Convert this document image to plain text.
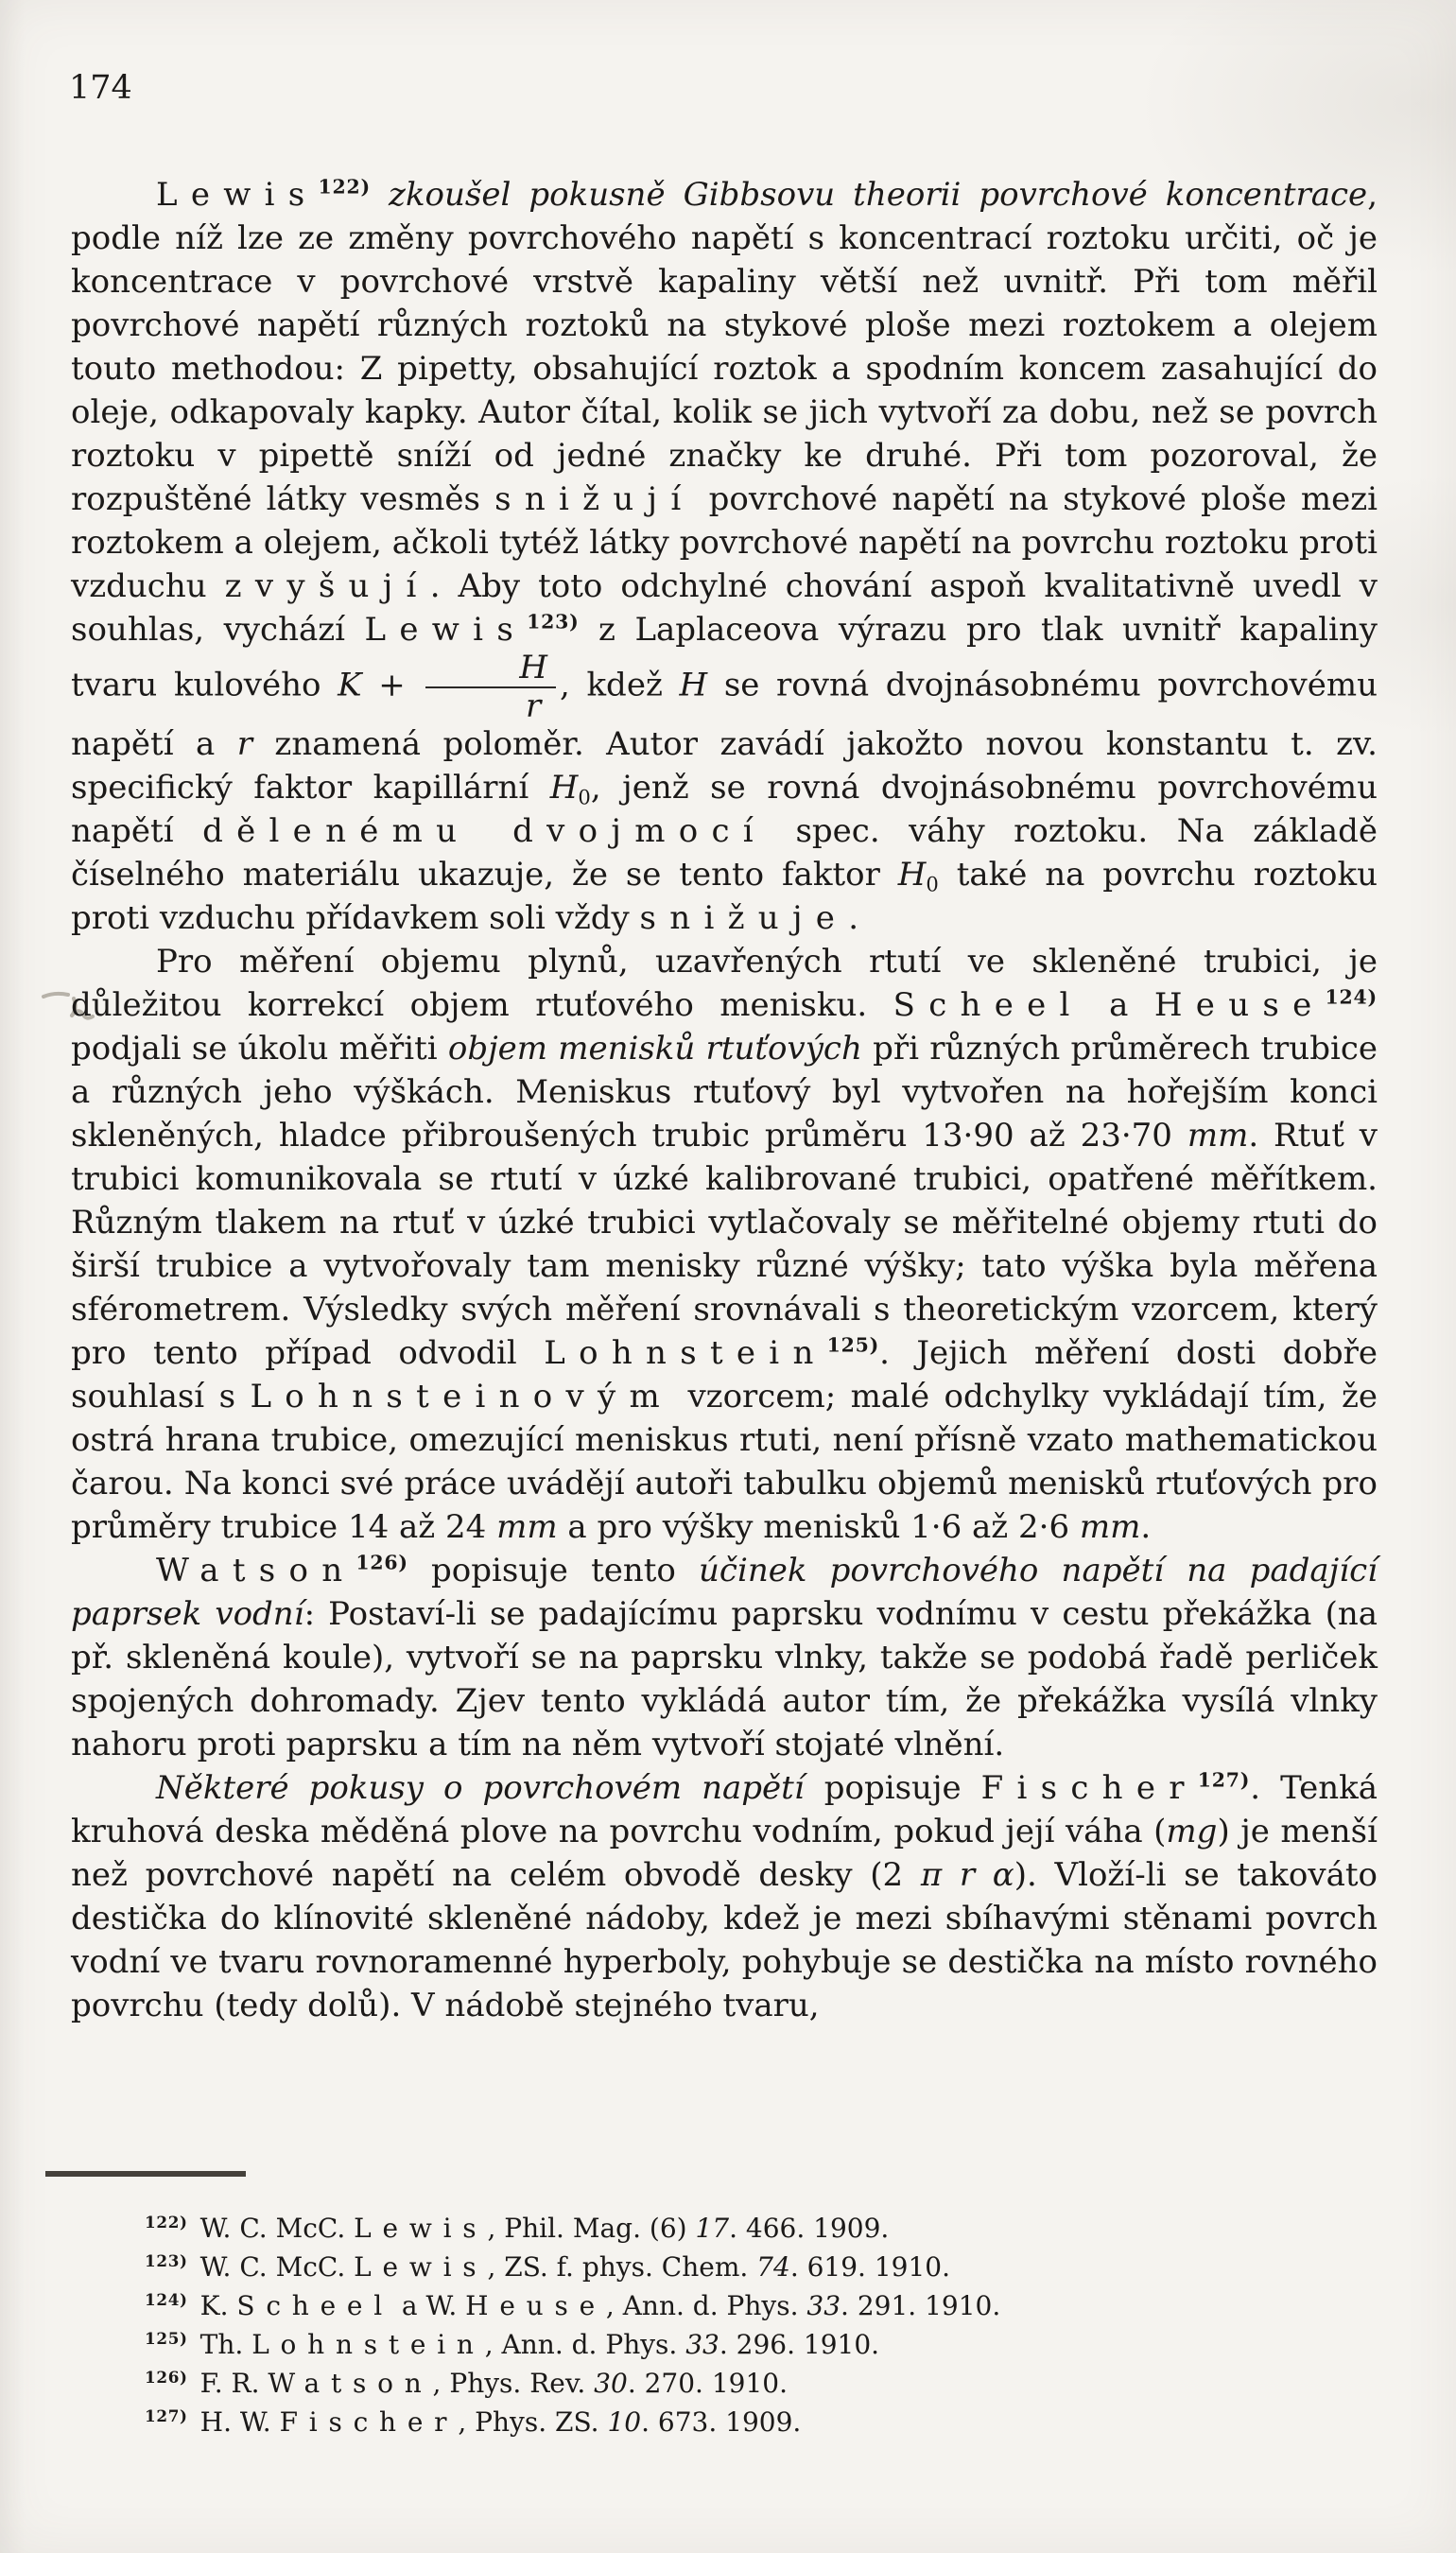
174

Lewis$^{122)}$ zkoušel pokusně Gibbsovu theorii povrchové koncentrace, podle níž lze ze změny povrchového napětí s koncentrací roztoku určiti, oč je koncentrace v povrchové vrstvě kapaliny větší než uvnitř. Při tom měřil povrchové napětí různých roztoků na stykové ploše mezi roztokem a olejem touto methodou: Z pipetty, obsahující roztok a spodním koncem zasahující do oleje, odkapovaly kapky. Autor čítal, kolik se jich vytvoří za dobu, než se povrch roztoku v pipettě sníží od jedné značky ke druhé. Při tom pozoroval, že rozpuštěné látky vesměs snižují povrchové napětí na stykové ploše mezi roztokem a olejem, ačkoli tytéž látky povrchové napětí na povrchu roztoku proti vzduchu zvyšují. Aby toto odchylné chování aspoň kvalitativně uvedl v souhlas, vychází Lewis$^{123)}$ z Laplaceova výrazu pro tlak uvnitř kapaliny tvaru kulového $K + \frac{H}{r}$ , kdež H se rovná dvojnásobnému povrchovému napětí a r znamená poloměr. Autor zavádí jakožto novou konstantu t. zv. specifický faktor kapillární $H_0$, jenž se rovná dvojnásobnému povrchovému napětí dělenému dvojmocí spec. váhy roztoku. Na základě číselného materiálu ukazuje, že se tento faktor $H_0$ také na povrchu roztoku proti vzduchu přídavkem soli vždy snižuje.

Pro měření objemu plynů, uzavřených rtutí ve skleněné trubici, je důležitou korrekcí objem rtuťového menisku. Scheel a Heuse$^{124)}$ podjali se úkolu měřiti objem menisků rtuťových při různých průměrech trubice a různých jeho výškách. Meniskus rtuťový byl vytvořen na hořejším konci skleněných, hladce přibroušených trubic průměru 13·90 až 23·70 mm. Rtuť v trubici komunikovala se rtutí v úzké kalibrované trubici, opatřené měřítkem. Různým tlakem na rtuť v úzké trubici vytlačovaly se měřitelné objemy rtuti do širší trubice a vytvořovaly tam menisky různé výšky; tato výška byla měřena sférometrem. Výsledky svých měření srovnávali s theoretickým vzorcem, který pro tento případ odvodil Lohnstein$^{125)}$. Jejich měření dosti dobře souhlasí s Lohnsteinovým vzorcem; malé odchylky vykládají tím, že ostrá hrana trubice, omezující meniskus rtuti, není přísně vzato mathematickou čarou. Na konci své práce uvádějí autoři tabulku objemů menisků rtuťových pro průměry trubice 14 až 24 mm a pro výšky menisků 1·6 až 2·6 mm.

Watson$^{126)}$ popisuje tento účinek povrchového napětí na padající paprsek vodní: Postaví-li se padajícímu paprsku vodnímu v cestu překážka (na př. skleněná koule), vytvoří se na paprsku vlnky, takže se podobá řadě perliček spojených dohromady. Zjev tento vykládá autor tím, že překážka vysílá vlnky nahoru proti paprsku a tím na něm vytvoří stojaté vlnění.

Některé pokusy o povrchovém napětí popisuje Fischer$^{127)}$. Tenká kruhová deska měděná plove na povrchu vodním, pokud její váha (mg) je menší než povrchové napětí na celém obvodě desky (2 π r α). Vloží-li se takováto destička do klínovité skleněné nádoby, kdež je mezi sbíhavými stěnami povrch vodní ve tvaru rovnoramenné hyperboly, pohybuje se destička na místo rovného povrchu (tedy dolů). V nádobě stejného tvaru,

$^{122)}$ W. C. McC. Lewis, Phil. Mag. (6) 17. 466. 1909.
$^{123)}$ W. C. McC. Lewis, ZS. f. phys. Chem. 74. 619. 1910.
$^{124)}$ K. Scheel a W. Heuse, Ann. d. Phys. 33. 291. 1910.
$^{125)}$ Th. Lohnstein, Ann. d. Phys. 33. 296. 1910.
$^{126)}$ F. R. Watson, Phys. Rev. 30. 270. 1910.
$^{127)}$ H. W. Fischer, Phys. ZS. 10. 673. 1909.
